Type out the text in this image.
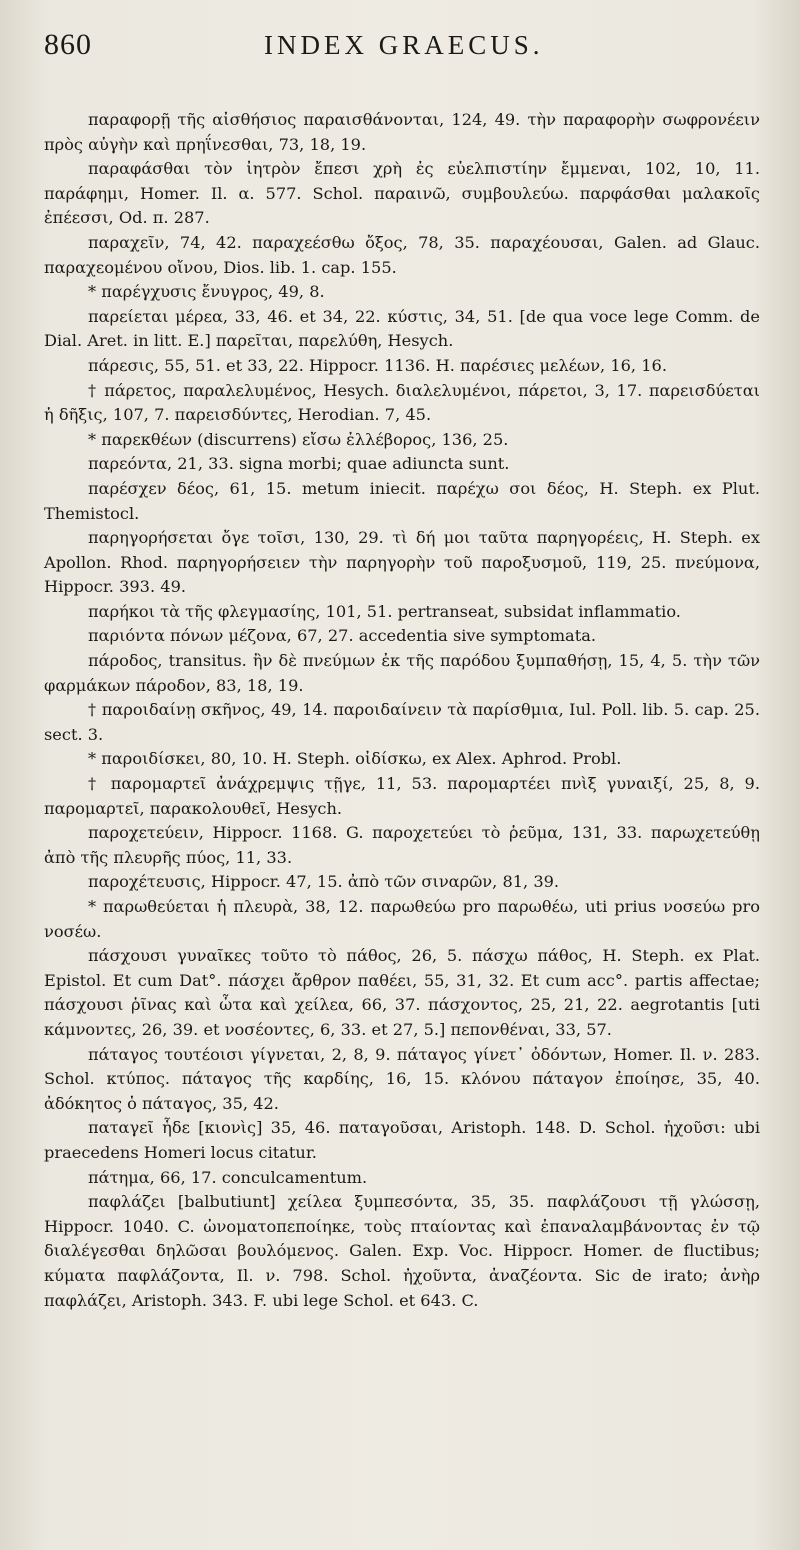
860	INDEX GRAECUS.

παραφορῇ τῆς αἰσθήσιος παραισθάνονται, 124, 49. τὴν παραφορὴν σωφρονέειν πρὸς αὐγὴν καὶ πρηΐνεσθαι, 73, 18, 19.

παραφάσθαι τὸν ἰητρὸν ἔπεσι χρὴ ἐς εὐελπιστίην ἔμμεναι, 102, 10, 11. παράφημι, Homer. Il. α. 577. Schol. παραινῶ, συμβουλεύω. παρφάσθαι μαλακοῖς ἐπέεσσι, Od. π. 287.

παραχεῖν, 74, 42. παραχεέσθω ὄξος, 78, 35. παραχέουσαι, Galen. ad Glauc. παραχεομένου οἴνου, Dios. lib. 1. cap. 155.

* παρέγχυσις ἔνυγρος, 49, 8.

παρείεται μέρεα, 33, 46. et 34, 22. κύστις, 34, 51. [de qua voce lege Comm. de Dial. Aret. in litt. E.] παρεῖται, παρελύθη, Hesych.

πάρεσις, 55, 51. et 33, 22. Hippocr. 1136. H. παρέσιες μελέων, 16, 16.

† πάρετος, παραλελυμένος, Hesych. διαλελυμένοι, πάρετοι, 3, 17. παρεισδύεται ἡ δῆξις, 107, 7. παρεισδύντες, Herodian. 7, 45.

* παρεκθέων (discurrens) εἴσω ἐλλέβορος, 136, 25.

παρεόντα, 21, 33. signa morbi; quae adiuncta sunt.

παρέσχεν δέος, 61, 15. metum iniecit. παρέχω σοι δέος, H. Steph. ex Plut. Themistocl.

παρηγορήσεται ὄγε τοῖσι, 130, 29. τὶ δή μοι ταῦτα παρηγορέεις, H. Steph. ex Apollon. Rhod. παρηγορήσειεν τὴν παρηγορὴν τοῦ παροξυσμοῦ, 119, 25. πνεύμονα, Hippocr. 393. 49.

παρήκοι τὰ τῆς φλεγμασίης, 101, 51. pertranseat, subsidat inflammatio.

παριόντα πόνων μέζονα, 67, 27. accedentia sive symptomata.

πάροδος, transitus. ἢν δὲ πνεύμων ἐκ τῆς παρόδου ξυμπαθήσῃ, 15, 4, 5. τὴν τῶν φαρμάκων πάροδον, 83, 18, 19.

† παροιδαίνῃ σκῆνος, 49, 14. παροιδαίνειν τὰ παρίσθμια, Iul. Poll. lib. 5. cap. 25. sect. 3.

* παροιδίσκει, 80, 10. H. Steph. οἰδίσκω, ex Alex. Aphrod. Probl.

† παρομαρτεῖ ἀνάχρεμψις τῇγε, 11, 53. παρομαρτέει πνὶξ γυναιξί, 25, 8, 9. παρομαρτεῖ, παρακολουθεῖ, Hesych.

παροχετεύειν, Hippocr. 1168. G. παροχετεύει τὸ ῥεῦμα, 131, 33. παρωχετεύθῃ ἀπὸ τῆς πλευρῆς πύος, 11, 33.

παροχέτευσις, Hippocr. 47, 15. ἀπὸ τῶν σιναρῶν, 81, 39.

* παρωθεύεται ἡ πλευρὰ, 38, 12. παρωθεύω pro παρωθέω, uti prius νοσεύω pro νοσέω.

πάσχουσι γυναῖκες τοῦτο τὸ πάθος, 26, 5. πάσχω πάθος, H. Steph. ex Plat. Epistol. Et cum Dat°. πάσχει ἄρθρον παθέει, 55, 31, 32. Et cum acc°. partis affectae; πάσχουσι ῥῖνας καὶ ὦτα καὶ χείλεα, 66, 37. πάσχοντος, 25, 21, 22. aegrotantis [uti κάμνοντες, 26, 39. et νοσέοντες, 6, 33. et 27, 5.] πεπονθέναι, 33, 57.

πάταγος τουτέοισι γίγνεται, 2, 8, 9. πάταγος γίνετ᾽ ὀδόντων, Homer. Il. ν. 283. Schol. κτύπος. πάταγος τῆς καρδίης, 16, 15. κλόνου πάταγον ἐποίησε, 35, 40. ἀδόκητος ὁ πάταγος, 35, 42.

παταγεῖ ἧδε [κιονὶς] 35, 46. παταγοῦσαι, Aristoph. 148. D. Schol. ἠχοῦσι: ubi praecedens Homeri locus citatur.

πάτημα, 66, 17. conculcamentum.

παφλάζει [balbutiunt] χείλεα ξυμπεσόντα, 35, 35. παφλάζουσι τῇ γλώσσῃ, Hippocr. 1040. C. ὠνοματοπεποίηκε, τοὺς πταίοντας καὶ ἐπαναλαμβάνοντας ἐν τῷ διαλέγεσθαι δηλῶσαι βουλόμενος. Galen. Exp. Voc. Hippocr. Homer. de fluctibus; κύματα παφλάζοντα, Il. ν. 798. Schol. ἠχοῦντα, ἀναζέοντα. Sic de irato; ἀνὴρ παφλάζει, Aristoph. 343. F. ubi lege Schol. et 643. C.
